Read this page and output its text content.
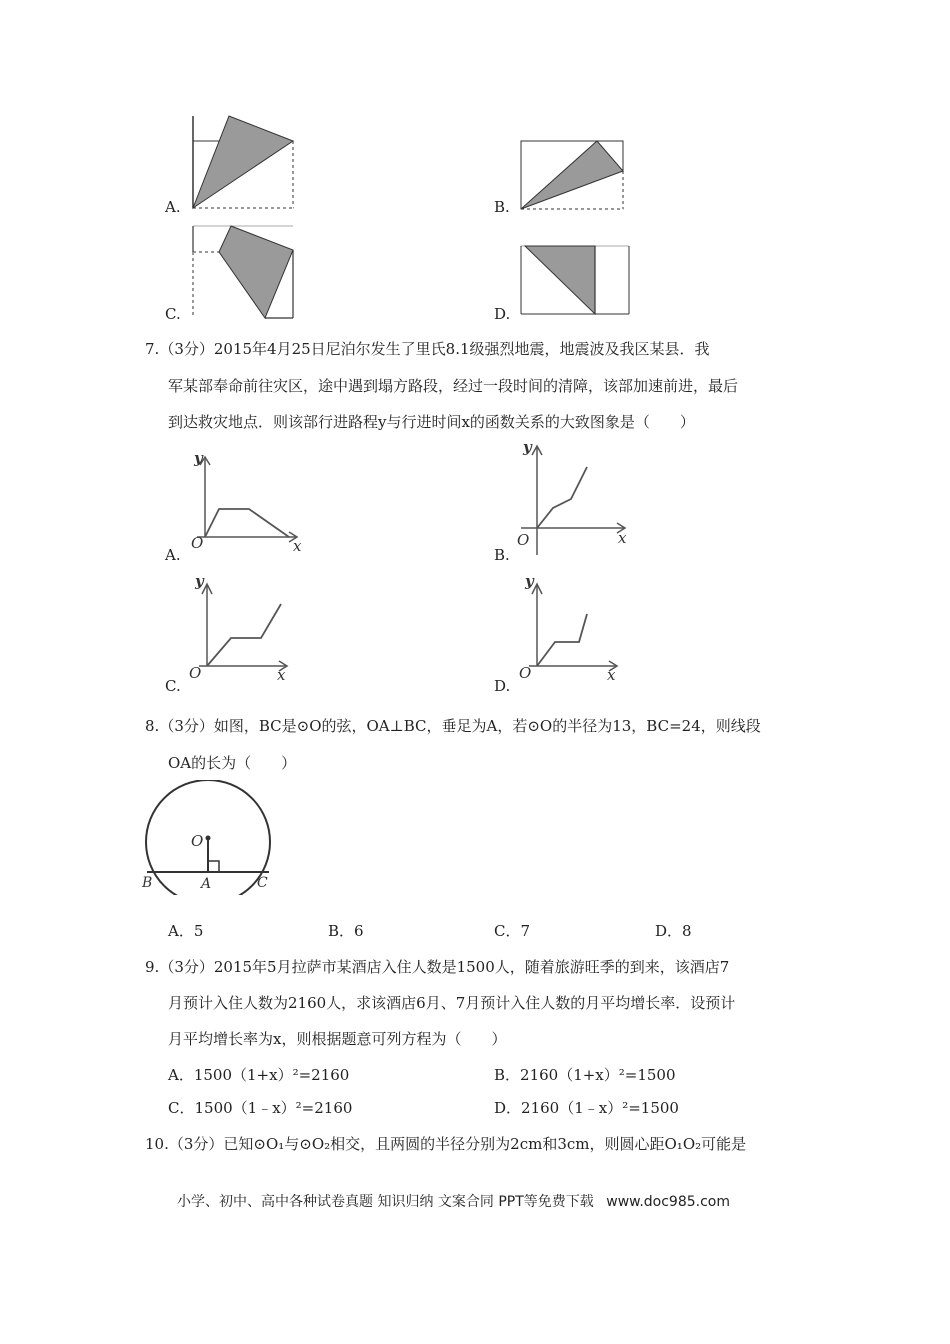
A.	B.
C.	D.
7.（3分）2015年4月25日尼泊尔发生了里氏8.1级强烈地震，地震波及我区某县．我
军某部奉命前往灾区，途中遇到塌方路段，经过一段时间的清障，该部加速前进，最后
到达救灾地点．则该部行进路程y与行进时间x的函数关系的大致图象是（　　）
A.
y
O	x	B.
y
O	x
C.
y
O	x
D.
y
O	x
8.（3分）如图，BC是⊙O的弦，OA⊥BC，垂足为A，若⊙O的半径为13，BC=24，则线段
OA的长为（　　）
O
A
B	C
A．5	B．6	C．7	D．8
9.（3分）2015年5月拉萨市某酒店入住人数是1500人，随着旅游旺季的到来，该酒店7
月预计入住人数为2160人，求该酒店6月、7月预计入住人数的月平均增长率．设预计
月平均增长率为x，则根据题意可列方程为（　　）
A．1500（1+x）²=2160	B．2160（1+x）²=1500
C．1500（1﹣x）²=2160	D．2160（1﹣x）²=1500
10.（3分）已知⊙O₁与⊙O₂相交，且两圆的半径分别为2cm和3cm，则圆心距O₁O₂可能是
小学、初中、高中各种试卷真题 知识归纳 文案合同 PPT等免费下载 www.doc985.com
